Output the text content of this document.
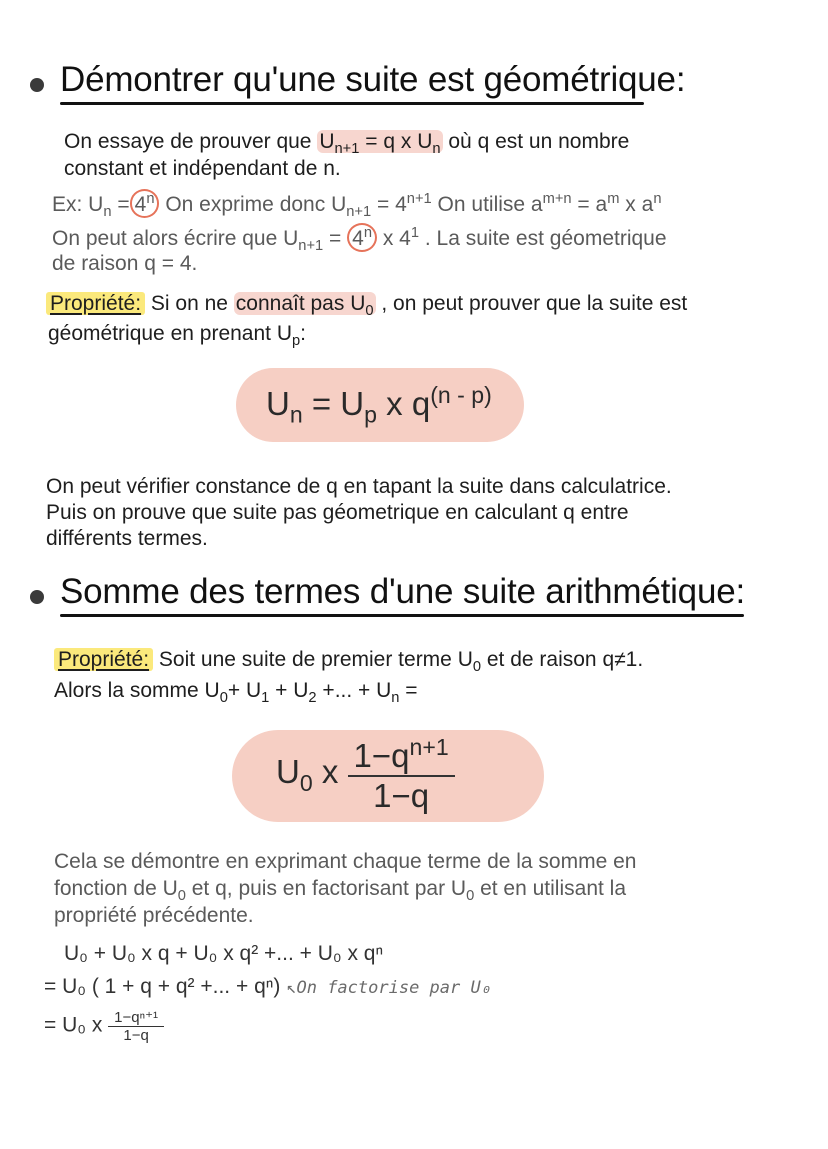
Démontrer qu'une suite est géométrique:
On essaye de prouver que $U_{n+1} = q$ x $U_n$ où q est un nombre
constant et indépendant de n.
Ex: $U_n = 4^n$ On exprime donc $U_{n+1} = 4^{n+1}$ On utilise $a^{m+n} = a^m$ x $a^n$
On peut alors écrire que $U_{n+1} = 4^n$ x $4^1$ . La suite est géometrique
de raison q = 4.
Propriété: Si on ne connaît pas $U_0$ , on peut prouver que la suite est
géométrique en prenant $U_p$:
$U_n = U_p$ x $q^{(n - p)}$
On peut vérifier constance de q en tapant la suite dans calculatrice.
Puis on prouve que suite pas géometrique en calculant q entre
différents termes.
Somme des termes d'une suite arithmétique:
Propriété: Soit une suite de premier terme $U_0$ et de raison q≠1.
Alors la somme $U_0+ U_1 + U_2$ +... + $U_n$ =
$U_0$ x $\frac{1-q^{n+1}}{1-q}$
Cela se démontre en exprimant chaque terme de la somme en
fonction de $U_0$ et q, puis en factorisant par $U_0$ et en utilisant la
propriété précédente.
U₀ + U₀ x q + U₀ x q² +... + U₀ x qⁿ
= U₀ ( 1 + q + q² +... + qⁿ) ↖On factorise par U₀
= U₀ x $\frac{\text{1−qⁿ⁺¹}}{1-q}$
